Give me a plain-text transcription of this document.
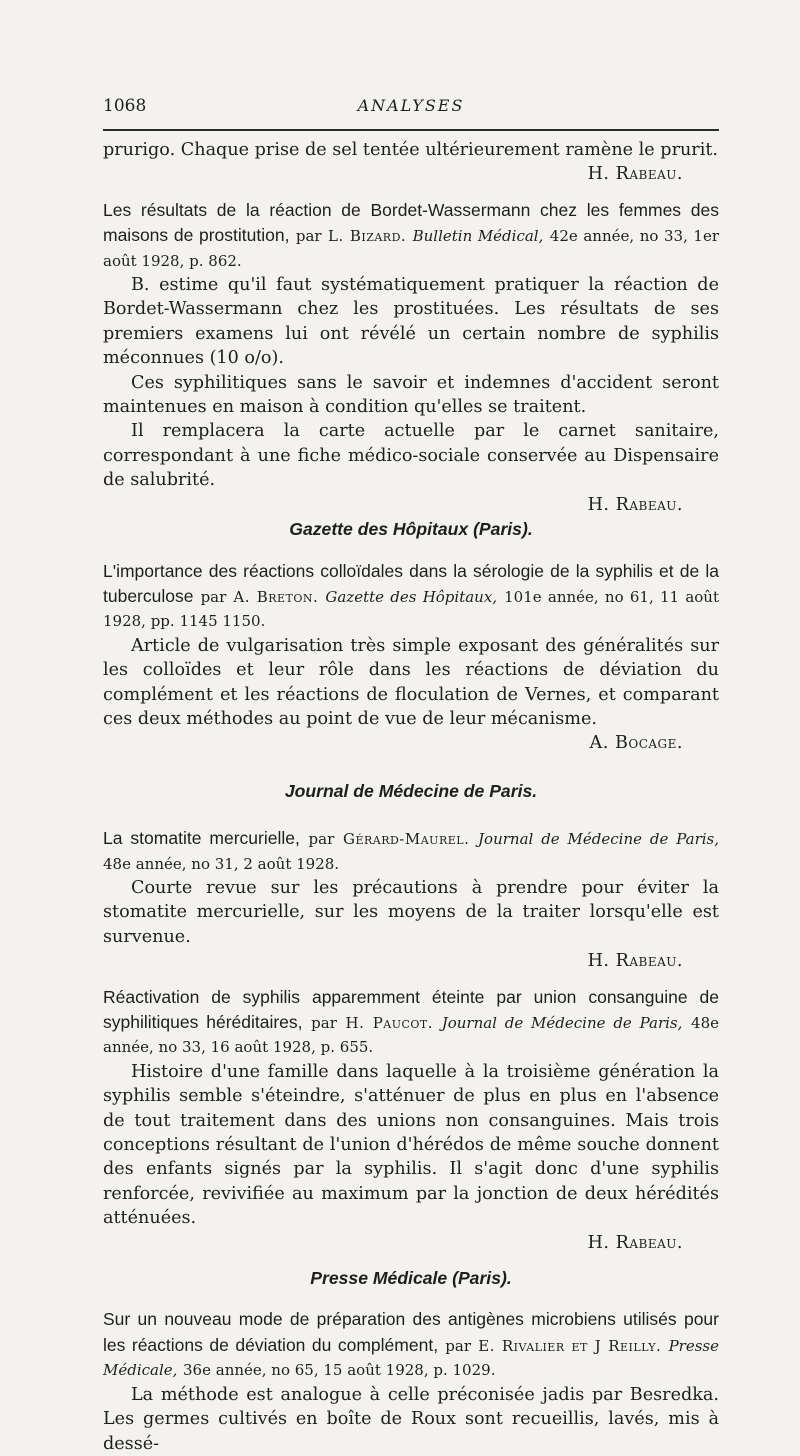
1068	ANALYSES

prurigo. Chaque prise de sel tentée ultérieurement ramène le prurit.

H. Rabeau.

Les résultats de la réaction de Bordet-Wassermann chez les femmes des maisons de prostitution, par L. Bizard. Bulletin Médical, 42e année, no 33, 1er août 1928, p. 862.

B. estime qu'il faut systématiquement pratiquer la réaction de Bordet-Wassermann chez les prostituées. Les résultats de ses premiers examens lui ont révélé un certain nombre de syphilis méconnues (10 o/o).

Ces syphilitiques sans le savoir et indemnes d'accident seront maintenues en maison à condition qu'elles se traitent.

Il remplacera la carte actuelle par le carnet sanitaire, correspondant à une fiche médico-sociale conservée au Dispensaire de salubrité.

H. Rabeau.

Gazette des Hôpitaux (Paris).

L'importance des réactions colloïdales dans la sérologie de la syphilis et de la tuberculose par A. Breton. Gazette des Hôpitaux, 101e année, no 61, 11 août 1928, pp. 1145 1150.

Article de vulgarisation très simple exposant des généralités sur les colloïdes et leur rôle dans les réactions de déviation du complément et les réactions de floculation de Vernes, et comparant ces deux méthodes au point de vue de leur mécanisme.

A. Bocage.

Journal de Médecine de Paris.

La stomatite mercurielle, par Gérard-Maurel. Journal de Médecine de Paris, 48e année, no 31, 2 août 1928.

Courte revue sur les précautions à prendre pour éviter la stomatite mercurielle, sur les moyens de la traiter lorsqu'elle est survenue.

H. Rabeau.

Réactivation de syphilis apparemment éteinte par union consanguine de syphilitiques héréditaires, par H. Paucot. Journal de Médecine de Paris, 48e année, no 33, 16 août 1928, p. 655.

Histoire d'une famille dans laquelle à la troisième génération la syphilis semble s'éteindre, s'atténuer de plus en plus en l'absence de tout traitement dans des unions non consanguines. Mais trois conceptions résultant de l'union d'hérédos de même souche donnent des enfants signés par la syphilis. Il s'agit donc d'une syphilis renforcée, revivifiée au maximum par la jonction de deux hérédités atténuées.

H. Rabeau.

Presse Médicale (Paris).

Sur un nouveau mode de préparation des antigènes microbiens utilisés pour les réactions de déviation du complément, par E. Rivalier et J Reilly. Presse Médicale, 36e année, no 65, 15 août 1928, p. 1029.

La méthode est analogue à celle préconisée jadis par Besredka. Les germes cultivés en boîte de Roux sont recueillis, lavés, mis à dessé-
